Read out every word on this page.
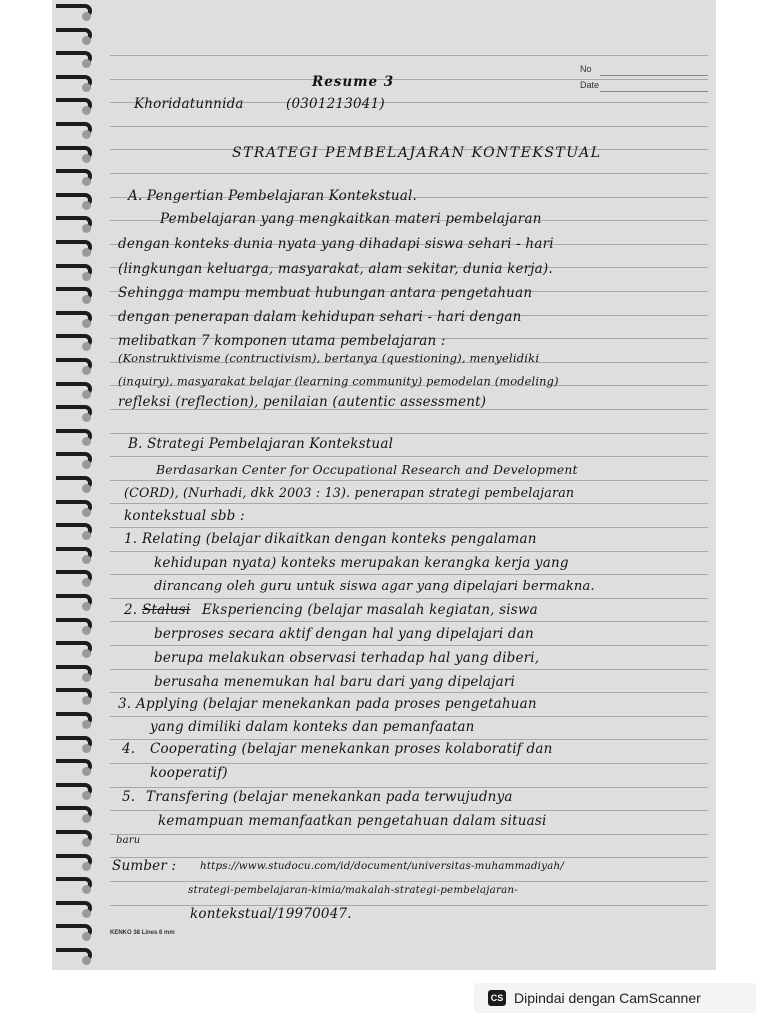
No
Date
Resume 3
Khoridatunnida	(0301213041)
STRATEGI PEMBELAJARAN KONTEKSTUAL
A. Pengertian Pembelajaran Kontekstual.
Pembelajaran yang mengkaitkan materi pembelajaran
dengan konteks dunia nyata yang dihadapi siswa sehari - hari
(lingkungan keluarga, masyarakat, alam sekitar, dunia kerja).
Sehingga mampu membuat hubungan antara pengetahuan
dengan penerapan dalam kehidupan sehari - hari dengan
melibatkan 7 komponen utama pembelajaran :
(Konstruktivisme (contructivism), bertanya (questioning), menyelidiki
(inquiry), masyarakat belajar (learning community) pemodelan (modeling)
refleksi (reflection), penilaian (autentic assessment)
B. Strategi Pembelajaran Kontekstual
Berdasarkan Center for Occupational Research and Development
(CORD), (Nurhadi, dkk 2003 : 13). penerapan strategi pembelajaran
kontekstual sbb :
1. Relating (belajar dikaitkan dengan konteks pengalaman
kehidupan nyata) konteks merupakan kerangka kerja yang
dirancang oleh guru untuk siswa agar yang dipelajari bermakna.
2. Stalusi Eksperiencing (belajar masalah kegiatan, siswa
berproses secara aktif dengan hal yang dipelajari dan
berupa melakukan observasi terhadap hal yang diberi,
berusaha menemukan hal baru dari yang dipelajari
3. Applying (belajar menekankan pada proses pengetahuan
yang dimiliki dalam konteks dan pemanfaatan
4. Cooperating (belajar menekankan proses kolaboratif dan
kooperatif)
5. Transfering (belajar menekankan pada terwujudnya
kemampuan memanfaatkan pengetahuan dalam situasi
baru
Sumber : https://www.studocu.com/id/document/universitas-muhammadiyah/
strategi-pembelajaran-kimia/makalah-strategi-pembelajaran-
kontekstual/19970047.
KENKO 38 Lines 6 mm
CS Dipindai dengan CamScanner
